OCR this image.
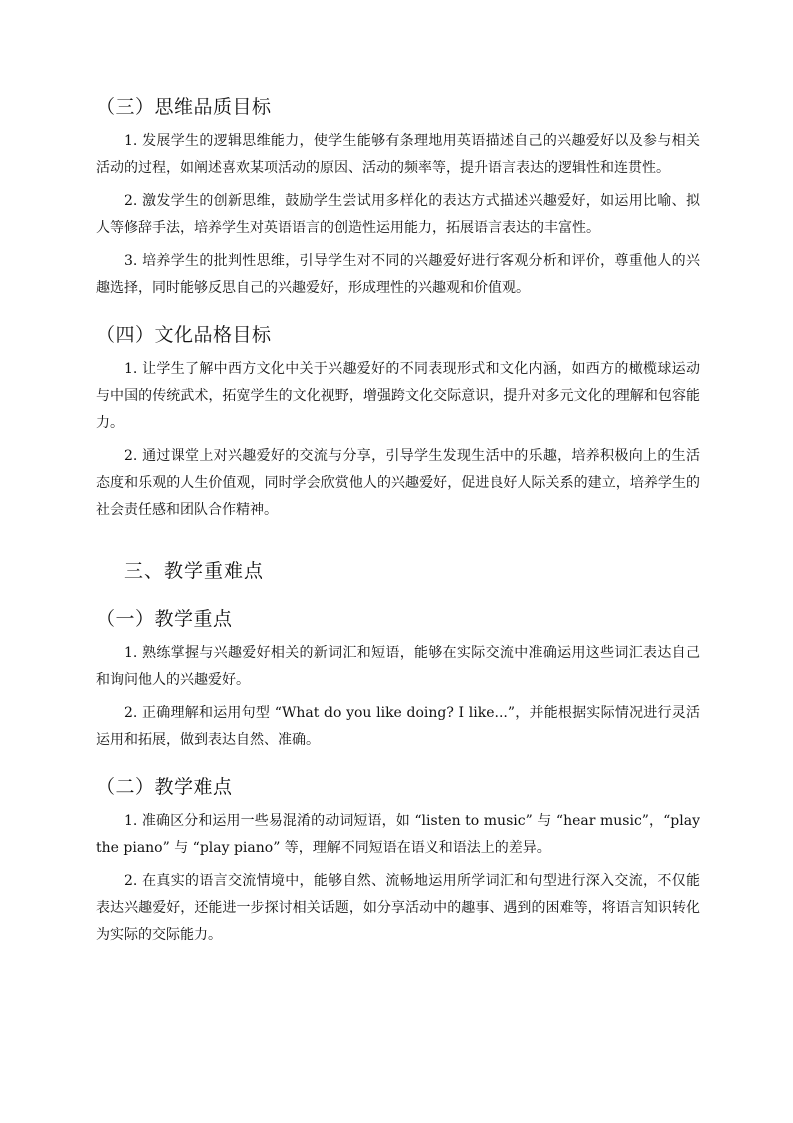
（三）思维品质目标

1. 发展学生的逻辑思维能力，使学生能够有条理地用英语描述自己的兴趣爱好以及参与相关活动的过程，如阐述喜欢某项活动的原因、活动的频率等，提升语言表达的逻辑性和连贯性。

2. 激发学生的创新思维，鼓励学生尝试用多样化的表达方式描述兴趣爱好，如运用比喻、拟人等修辞手法，培养学生对英语语言的创造性运用能力，拓展语言表达的丰富性。

3. 培养学生的批判性思维，引导学生对不同的兴趣爱好进行客观分析和评价，尊重他人的兴趣选择，同时能够反思自己的兴趣爱好，形成理性的兴趣观和价值观。

（四）文化品格目标

1. 让学生了解中西方文化中关于兴趣爱好的不同表现形式和文化内涵，如西方的橄榄球运动与中国的传统武术，拓宽学生的文化视野，增强跨文化交际意识，提升对多元文化的理解和包容能力。

2. 通过课堂上对兴趣爱好的交流与分享，引导学生发现生活中的乐趣，培养积极向上的生活态度和乐观的人生价值观，同时学会欣赏他人的兴趣爱好，促进良好人际关系的建立，培养学生的社会责任感和团队合作精神。

三、教学重难点
（一）教学重点

1. 熟练掌握与兴趣爱好相关的新词汇和短语，能够在实际交流中准确运用这些词汇表达自己和询问他人的兴趣爱好。

2. 正确理解和运用句型 “What do you like doing? I like...”，并能根据实际情况进行灵活运用和拓展，做到表达自然、准确。

（二）教学难点

1. 准确区分和运用一些易混淆的动词短语，如 “listen to music” 与 “hear music”，“play the piano” 与 “play piano” 等，理解不同短语在语义和语法上的差异。

2. 在真实的语言交流情境中，能够自然、流畅地运用所学词汇和句型进行深入交流，不仅能表达兴趣爱好，还能进一步探讨相关话题，如分享活动中的趣事、遇到的困难等，将语言知识转化为实际的交际能力。
